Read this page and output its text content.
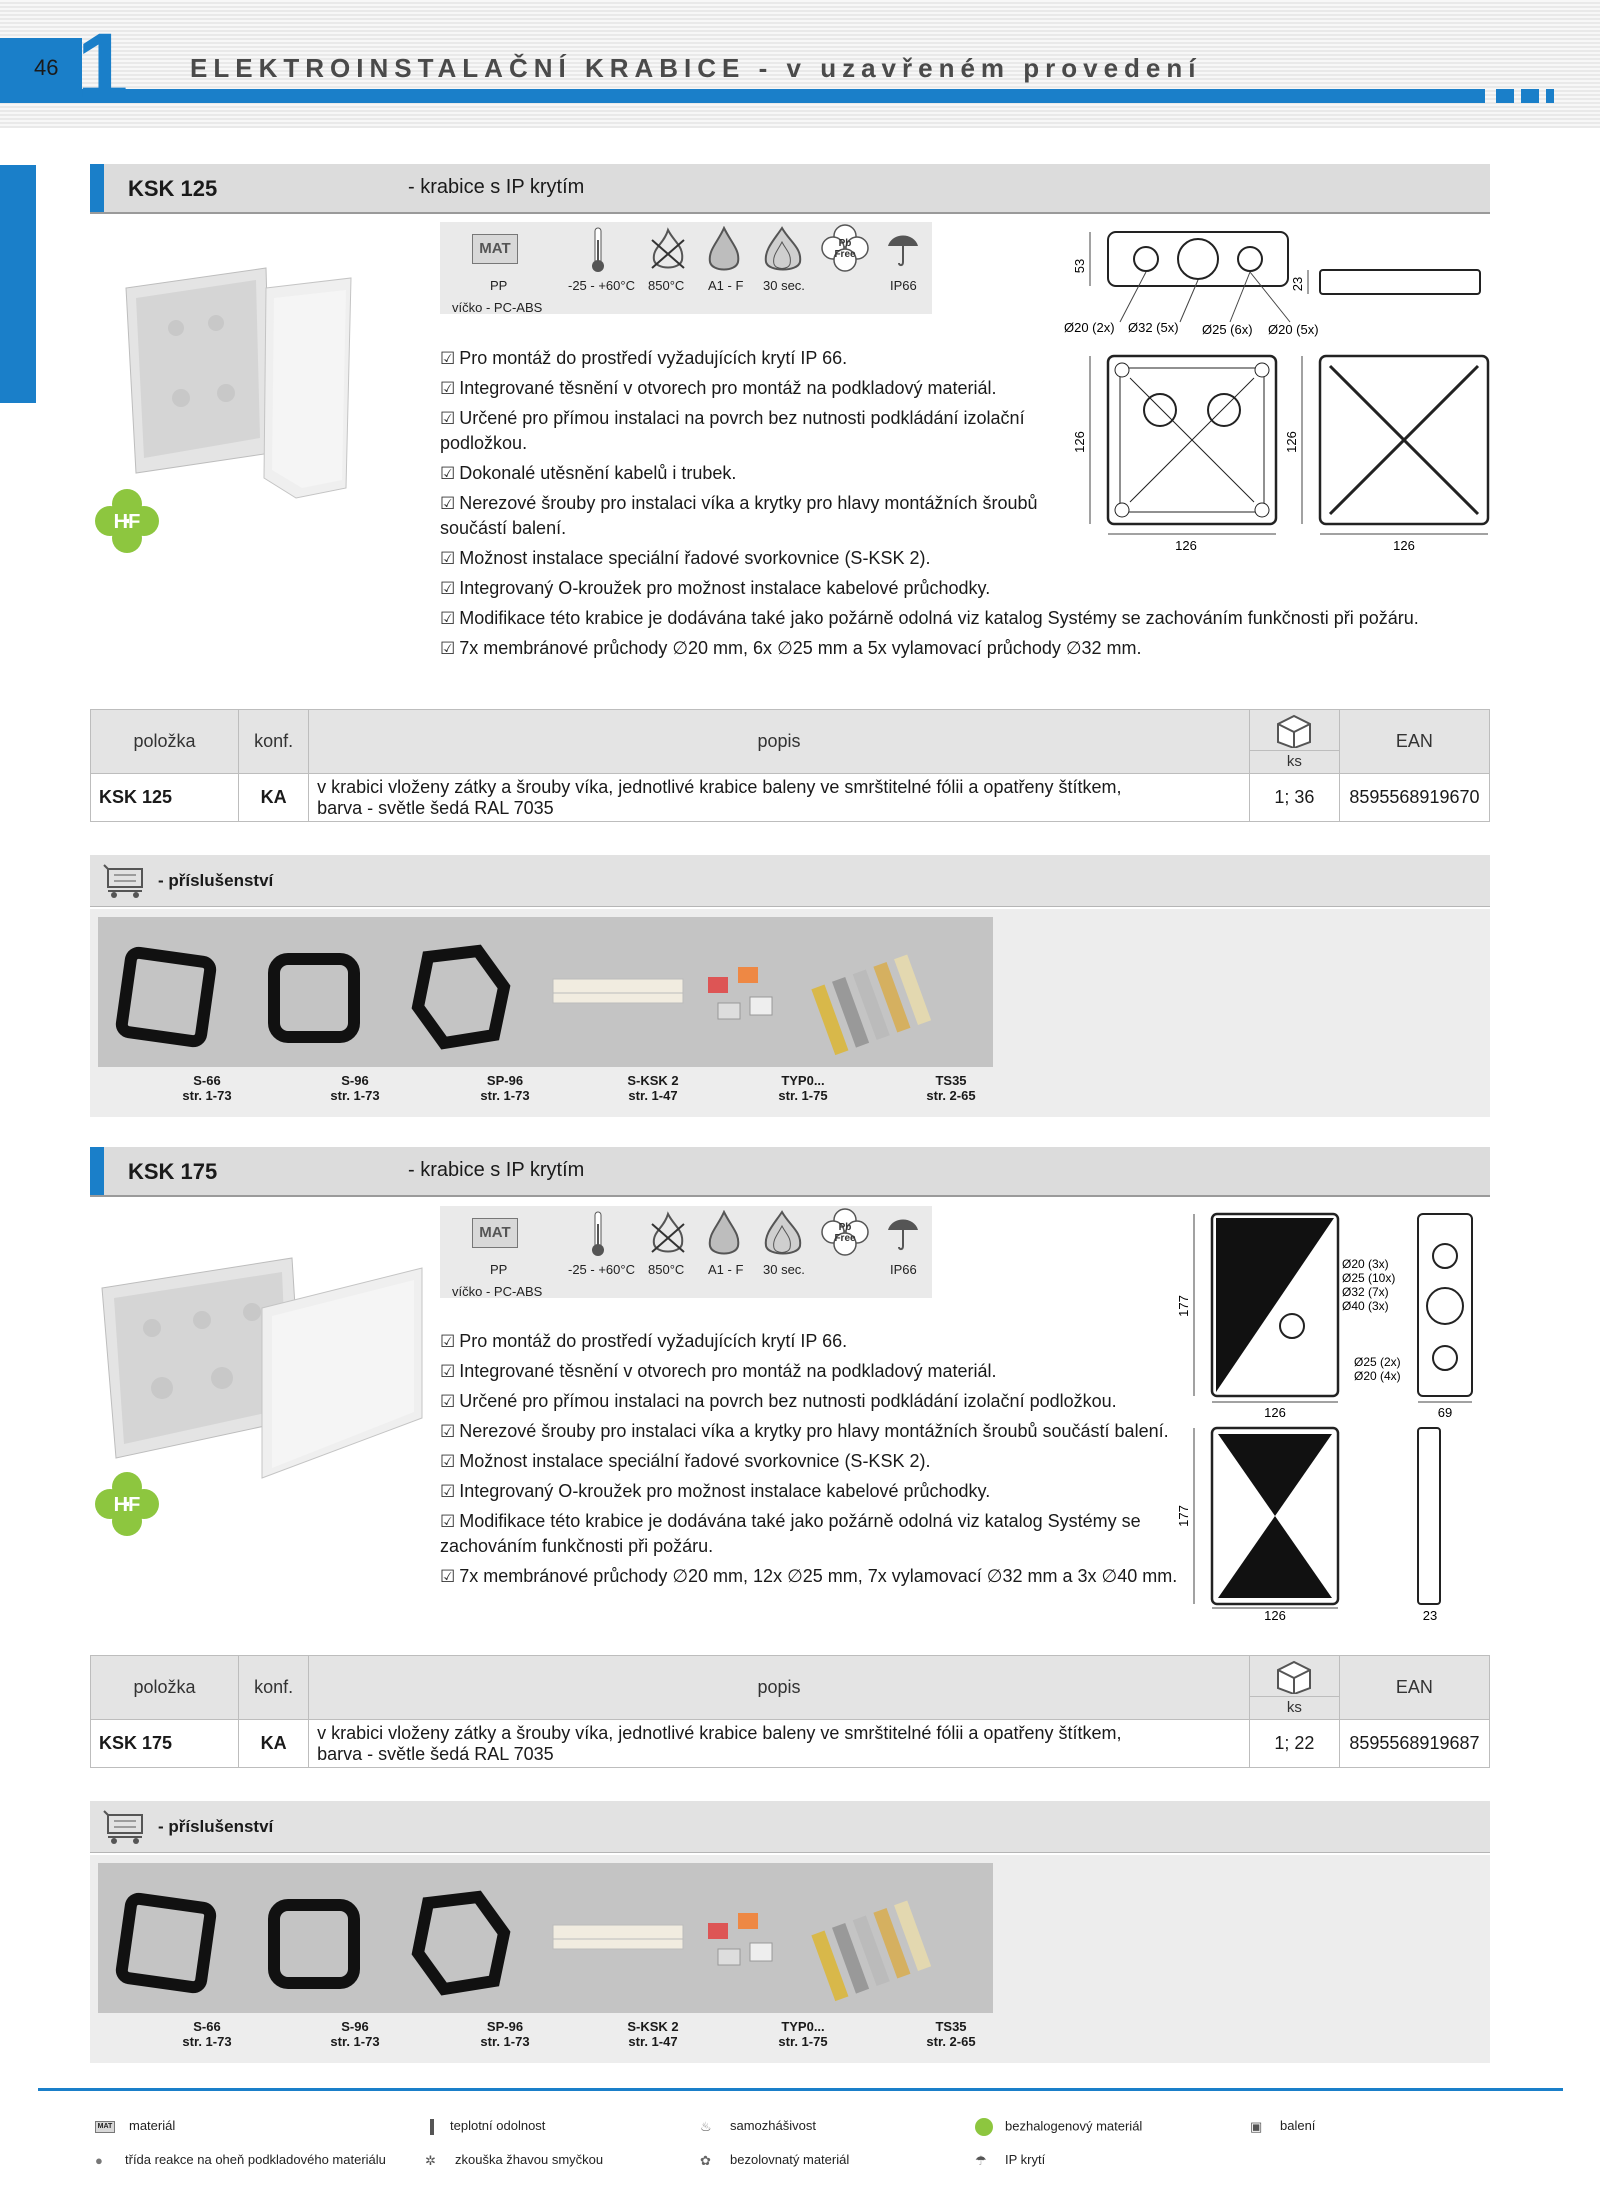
46 1 ELEKTROINSTALAČNÍ KRABICE - v uzavřeném provedení
KSK 125	- krabice s IP krytím
HF
MAT	Pb
Free
PP
víčko - PC-ABS
-25 - +60°C 850°C A1 - F 30 sec.	IP66
53
23
Ø20 (2x) Ø32 (5x) Ø25 (6x) Ø20 (5x)
126
126
126
126

☑ Pro montáž do prostředí vyžadujících krytí IP 66.

☑ Integrované těsnění v otvorech pro montáž na podkladový materiál.

☑ Určené pro přímou instalaci na povrch bez nutnosti podkládání izolační podložkou.

☑ Dokonalé utěsnění kabelů i trubek.

☑ Nerezové šrouby pro instalaci víka a krytky pro hlavy montážních šroubů součástí balení.

☑ Možnost instalace speciální řadové svorkovnice (S-KSK 2).

☑ Integrovaný O-kroužek pro možnost instalace kabelové průchodky.

☑ Modifikace této krabice je dodávána také jako požárně odolná viz katalog Systémy se zachováním funkčnosti při požáru.

☑ 7x membránové průchody ∅20 mm, 6x ∅25 mm a 5x vylamovací průchody ∅32 mm.

položka	konf.	popis	ks	EAN
KSK 125	KA	v krabici vloženy zátky a šrouby víka, jednotlivé krabice baleny ve smrštitelné fólii a opatřeny štítkem,
barva - světle šedá RAL 7035	1; 36	8595568919670
- příslušenství
S-66
str. 1-73
S-96
str. 1-73
SP-96
str. 1-73
S-KSK 2
str. 1-47
TYP0...
str. 1-75
TS35
str. 2-65
KSK 175	- krabice s IP krytím
HF
MAT	Pb
Free
PP
víčko - PC-ABS
-25 - +60°C 850°C A1 - F 30 sec.	IP66
126
177
Ø20 (3x)
Ø25 (10x)
Ø32 (7x)
Ø40 (3x)
Ø25 (2x)
Ø20 (4x)
69
126
177
23

☑ Pro montáž do prostředí vyžadujících krytí IP 66.

☑ Integrované těsnění v otvorech pro montáž na podkladový materiál.

☑ Určené pro přímou instalaci na povrch bez nutnosti podkládání izolační podložkou.

☑ Nerezové šrouby pro instalaci víka a krytky pro hlavy montážních šroubů součástí balení.

☑ Možnost instalace speciální řadové svorkovnice (S-KSK 2).

☑ Integrovaný O-kroužek pro možnost instalace kabelové průchodky.

☑ Modifikace této krabice je dodávána také jako požárně odolná viz katalog Systémy se zachováním funkčnosti při požáru.

☑ 7x membránové průchody ∅20 mm, 12x ∅25 mm, 7x vylamovací ∅32 mm a 3x ∅40 mm.

položka	konf.	popis	ks	EAN
KSK 175	KA	v krabici vloženy zátky a šrouby víka, jednotlivé krabice baleny ve smrštitelné fólii a opatřeny štítkem,
barva - světle šedá RAL 7035	1; 22	8595568919687
- příslušenství
S-66
str. 1-73
S-96
str. 1-73
SP-96
str. 1-73
S-KSK 2
str. 1-47
TYP0...
str. 1-75
TS35
str. 2-65
MAT materiál	teplotní odolnost	♨ samozhášivost	bezhalogenový materiál	▣ balení
● třída reakce na oheň podkladového materiálu	✲ zkouška žhavou smyčkou	✿ bezolovnatý materiál	☂ IP krytí
